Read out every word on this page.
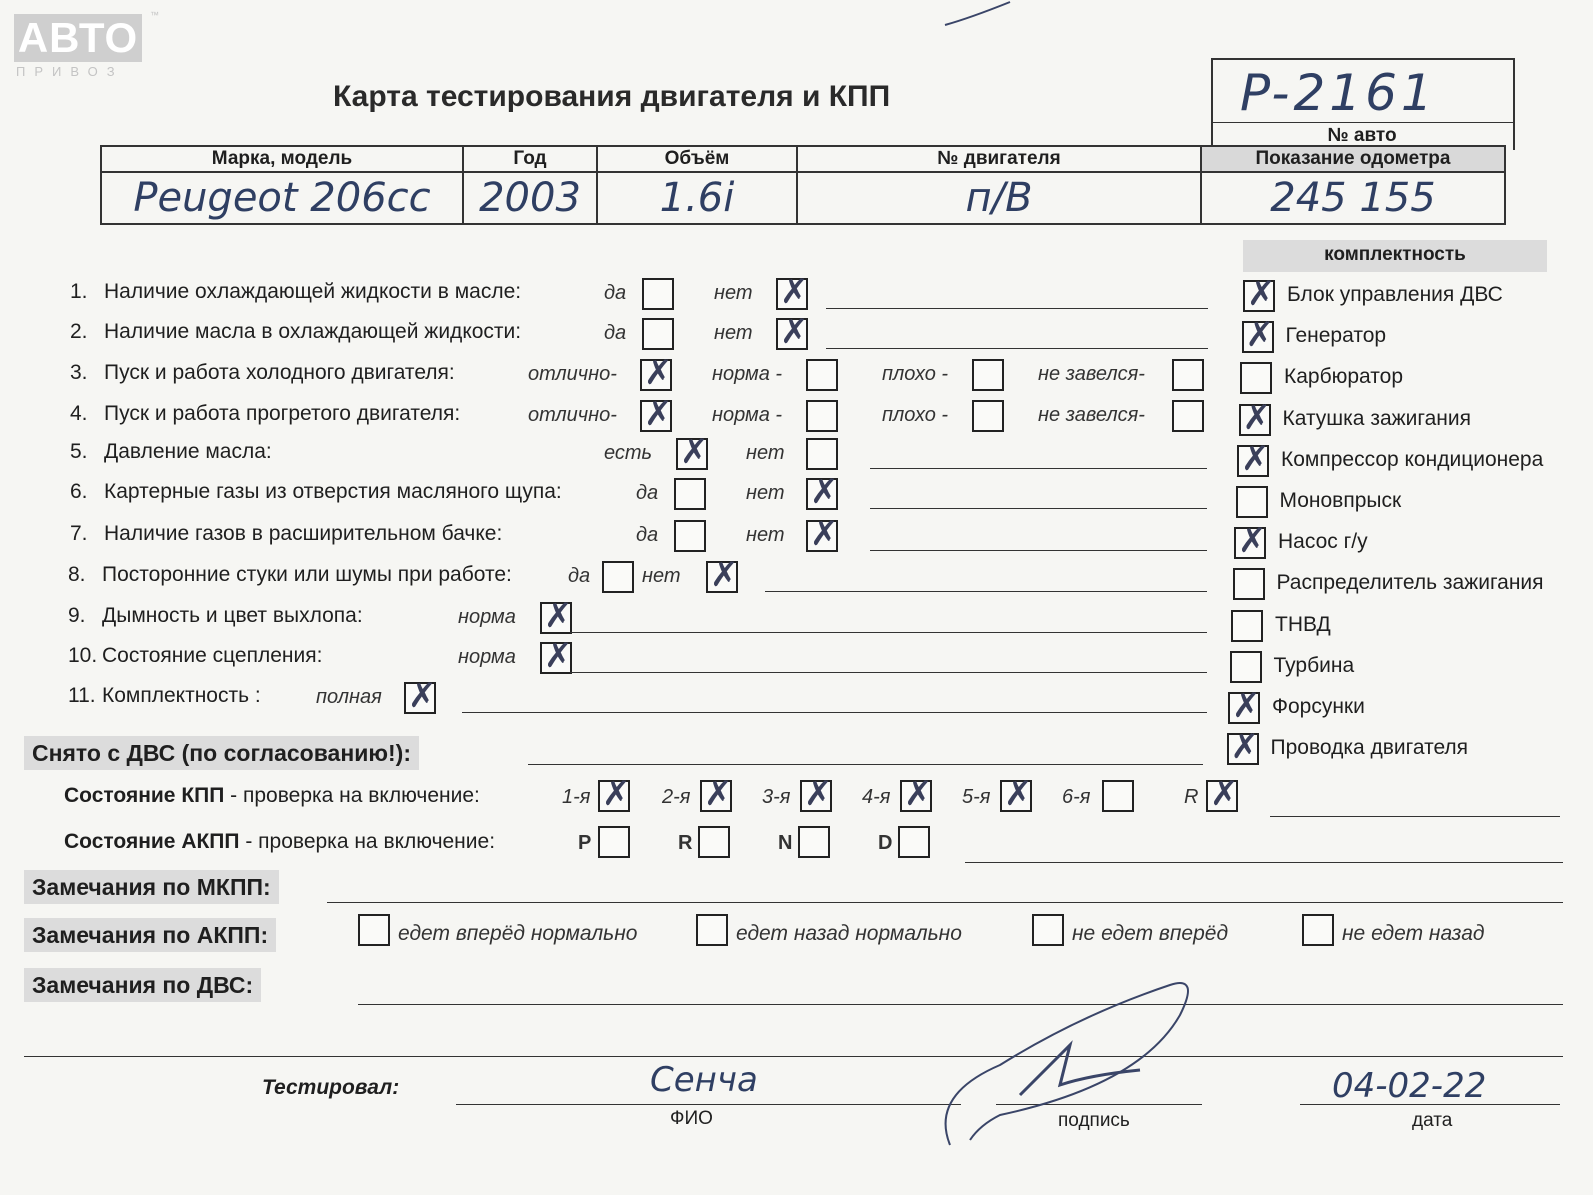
АВТО
ПРИВОЗ
™
Карта тестирования двигателя и КПП	P-2161
№ авто
Марка, модель	Год	Объём	№ двигателя	Показание одометра

Peugeot 206cc	2003	1.6i	п/В	245 155
комплектность
✗ Блок управления ДВС
✗ Генератор
Карбюратор
✗ Катушка зажигания
✗ Компрессор кондиционера
Моновпрыск
✗ Насос г/у
Распределитель зажигания
ТНВД
Турбина
✗ Форсунки
✗ Проводка двигателя
1. Наличие охлаждающей жидкости в масле:	да	нет ✗
2. Наличие масла в охлаждающей жидкости:	да	нет ✗
3. Пуск и работа холодного двигателя:	отлично- ✗ норма -	плохо -	не завелся-
4. Пуск и работа прогретого двигателя:	отлично- ✗ норма -	плохо -	не завелся-
5. Давление масла:	есть ✗ нет
6. Картерные газы из отверстия масляного щупа:	да	нет ✗
7. Наличие газов в расширительном бачке:	да	нет ✗
8. Посторонние стуки или шумы при работе:	да	нет ✗
9. Дымность и цвет выхлопа:	норма ✗
10. Состояние сцепления:	норма ✗
11. Комплектность :	полная ✗
Снято с ДВС (по согласованию!):
Состояние КПП - проверка на включение:	1-я ✗ 2-я ✗ 3-я ✗ 4-я ✗ 5-я ✗ 6-я	R ✗
Состояние АКПП - проверка на включение:	P	R	N	D
Замечания по МКПП:
Замечания по АКПП:	едет вперёд нормально	едет назад нормально	не едет вперёд	не едет назад
Замечания по ДВС:
Тестировал:	Сенча
ФИО	подпись
04-02-22
дата
